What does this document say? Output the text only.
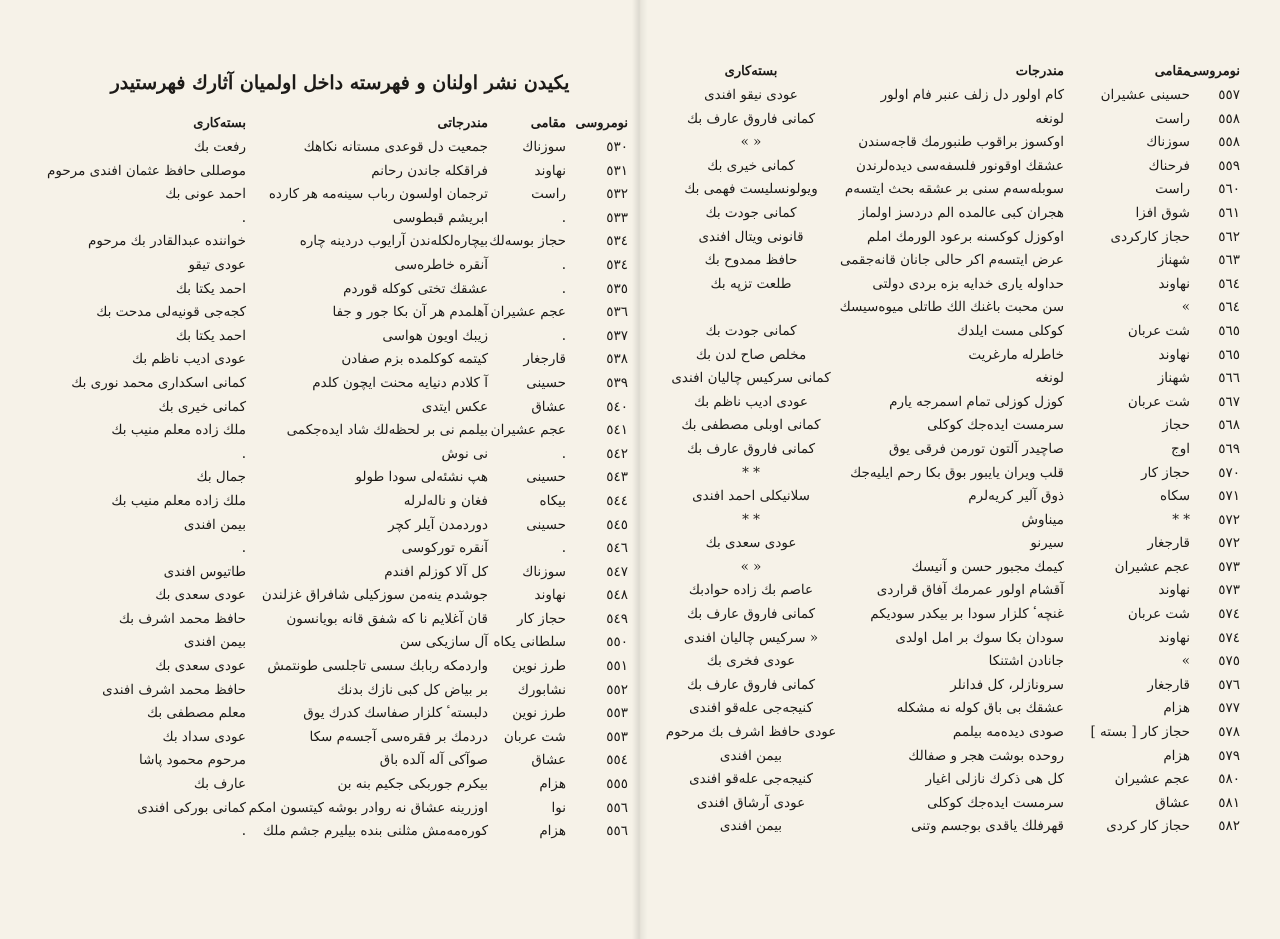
یکیدن نشر اولنان و فهرستە داخل اولمیان آثارك فهرستیدر
نومروسی
مقامی
مندرجاتی
بستەکاری
٥٣٠
سوزناك
جمعیت دل قوعدی مستانە نکاهك
رفعت بك
٥٣١
نهاوند
فراقکلە جاندن رحانم
موصللی حافظ عثمان افندی مرحوم
٥٣٢
راست
ترجمان اولسون رباب سینەمە هر کاردە
احمد عونی بك
٥٣٣
.
ابریشم قبطوسی
.
٥٣٤
حجاز بوسەلك
بیچارەلکلەندن آرایوب دردینە چارە
خواننده عبدالقادر بك مرحوم
٥٣٤
.
آنقرە خاطرەسی
عودی تیقو
٥٣٥
.
عشقك تختی کوکلە قوردم
احمد یکتا بك
٥٣٦
عجم عشیران
آهلمدم هر آن بکا جور و جفا
کجەجی قونیەلی مدحت بك
٥٣٧
.
زیبك اویون هواسی
احمد یکتا بك
٥٣٨
قارجغار
کیتمە کوکلمدە بزم صفادن
عودی ادیب ناظم بك
٥٣٩
حسینی
آ کلادم دنیایە محنت ایچون کلدم
کمانی اسکداری محمد نوری بك
٥٤٠
عشاق
عکس ایتدی
کمانی خیری بك
٥٤١
عجم عشیران
بیلمم نی بر لحظەلك شاد ایدەجکمی
ملك زادە معلم منیب بك
٥٤٢
.
نی نوش
.
٥٤٣
حسینی
هپ نشئەلی سودا طولو
جمال بك
٥٤٤
بیکاه
فغان و نالەلرلە
ملك زادە معلم منیب بك
٥٤٥
حسینی
دوردمدن آیلر کچر
بیمن افندی
٥٤٦
.
آنقرە تورکوسی
.
٥٤٧
سوزناك
کل آلا کوزلم افندم
طاتیوس افندی
٥٤٨
نهاوند
جوشدم ینەمن سوزکیلی شافراق غزلندن
عودی سعدی بك
٥٤٩
حجاز کار
قان آغلایم نا که شفق قانه بویانسون
حافظ محمد اشرف بك
٥٥٠
سلطانی یکاه
آل سازیکی سن
بیمن افندی
٥٥١
طرز نوین
واردمکه ربابك سسی تاجلسی طونتمش
عودی سعدی بك
٥٥٢
نشابورك
بر بیاض کل کبی نازك بدنك
حافظ محمد اشرف افندی
٥٥٣
طرز نوین
دلبستەٴ کلزار صفاسك کدرك یوق
معلم مصطفی بك
٥٥٣
شت عربان
دردمك بر فقرەسی آجسەم سکا
عودی سداد بك
٥٥٤
عشاق
صوآکی آلە آلدە باق
مرحوم محمود پاشا
٥٥٥
هزام
بیکرم جوربکی جکیم بنە بن
عارف بك
٥٥٦
نوا
اوزرینە عشاق نە روادر بوشە کیتسون امکم
کمانی بورکی افندی
٥٥٦
هزام
کورەمەمش مثلنی بندە بیلیرم جشم ملك
.
نومروسی
مقامی
مندرجات
بستەکاری
٥٥٧
حسینی عشیران
کام اولور دل زلف عنبر فام اولور
عودی نیقو افندی
٥٥٨
راست
لونغە
کمانی فاروق عارف بك
٥٥٨
سوزناك
اوکسوز براقوب طنبورمك قاجەسندن
« »
٥٥٩
فرحناك
عشقك اوقونور فلسفەسی دیدەلرندن
کمانی خیری بك
٥٦٠
راست
سوبلەسەم سنی بر عشقە بحث ایتسەم
ویولونسلیست فهمی بك
٥٦١
شوق افزا
هجران کبی عالمدە الم دردسز اولماز
کمانی جودت بك
٥٦٢
حجاز کارکردی
اوکوزل کوکسنە برعود الورمك املم
قانونی ویتال افندی
٥٦٣
شهناز
عرض ایتسەم اکر حالی جانان قانەجقمی
حافظ ممدوح بك
٥٦٤
نهاوند
حداولە یاری خدایە بزە بردی دولتی
طلعت تزپە بك
٥٦٤
»
سن محبت باغنك الك طاتلی میوەسیسك
٥٦٥
شت عربان
کوکلی مست ایلدك
کمانی جودت بك
٥٦٥
نهاوند
خاطرلە مارغریت
مخلص صاح لدن بك
٥٦٦
شهناز
لونغە
کمانی سرکیس چالیان افندی
٥٦٧
شت عربان
کوزل کوزلی تمام اسمرجە یارم
عودی ادیب ناظم بك
٥٦٨
حجاز
سرمست ایدەجك کوکلی
کمانی اوبلی مصطفی بك
٥٦٩
اوج
صاچیدر آلتون تورمن فرقی یوق
کمانی فاروق عارف بك
٥٧٠
حجاز کار
قلب ویران یایبور بوق بکا رحم ایلیەجك
* *
٥٧١
سکاه
ذوق آلیر کریەلرم
سلانیکلی احمد افندی
٥٧٢
* *
میناوش
* *
٥٧٢
قارجغار
سیرنو
عودی سعدی بك
٥٧٣
عجم عشیران
کیمك مجبور حسن و آنیسك
« »
٥٧٣
نهاوند
آقشام اولور عمرمك آفاق قراردی
عاصم بك زادە حوادبك
٥٧٤
شت عربان
غنچەٴ کلزار سودا بر بیکدر سودیکم
کمانی فاروق عارف بك
٥٧٤
نهاوند
سودان بکا سوك بر امل اولدی
« سرکیس چالیان افندی
٥٧٥
»
جانادن اشتنکا
عودی فخری بك
٥٧٦
قارجغار
سرونازلر، کل فدانلر
کمانی فاروق عارف بك
٥٧٧
هزام
عشقك بی باق کولە نە مشکلە
کنیجەجی علەقو افندی
٥٧٨
حجاز کار [ بستە ]
صودی دیدەمە بیلمم
عودی حافظ اشرف بك مرحوم
٥٧٩
هزام
روحدە بوشت هجر و صفالك
بیمن افندی
٥٨٠
عجم عشیران
کل هی ذکرك نازلی اغیار
کنیجەجی علەقو افندی
٥٨١
عشاق
سرمست ایدەجك کوکلی
عودی آرشاق افندی
٥٨٢
حجاز کار کردی
قهرفلك یاقدی بوجسم وتنی
بیمن افندی
